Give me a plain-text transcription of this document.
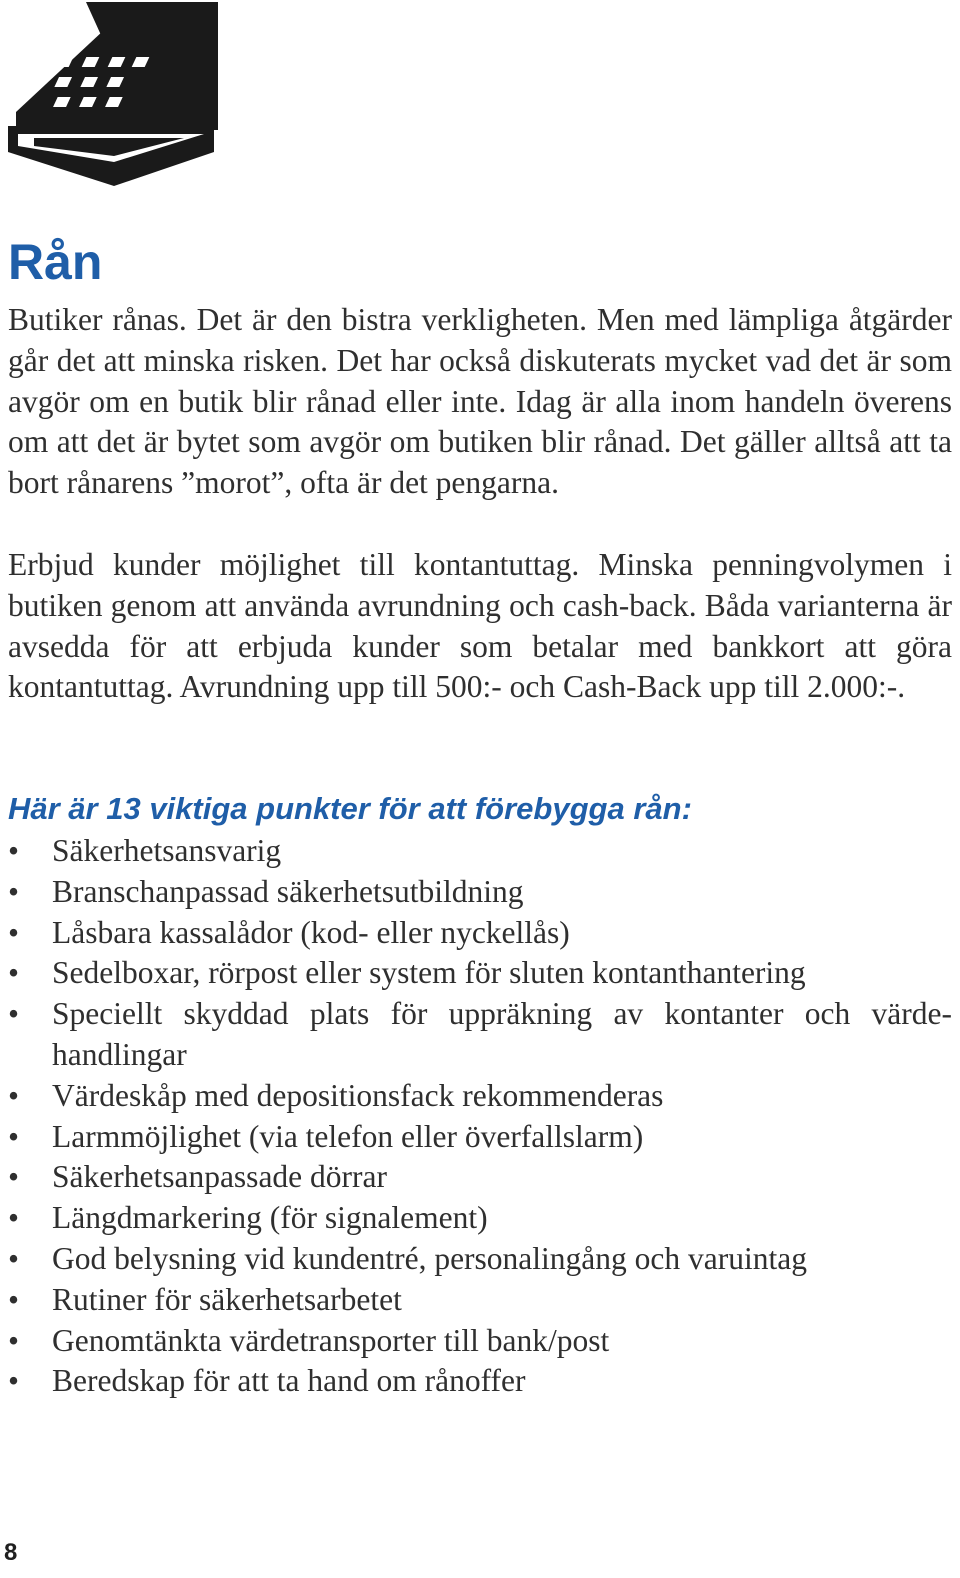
Rån

Butiker rånas. Det är den bistra verkligheten. Men med lämpliga åtgärder går det att minska risken. Det har också diskuterats mycket vad det är som avgör om en butik blir rånad eller inte. Idag är alla inom handeln överens om att det är bytet som avgör om butiken blir rånad. Det gäller alltså att ta bort rånarens ”morot”, ofta är det pengarna.

Erbjud kunder möjlighet till kontantuttag. Minska penningvolymen i butiken genom att använda avrundning och cash-back. Båda varianterna är avsedda för att erbjuda kunder som betalar med bankkort att göra kontantuttag. Avrundning upp till 500:- och Cash-Back upp till 2.000:-.

Här är 13 viktiga punkter för att förebygga rån:
• Säkerhetsansvarig
• Branschanpassad säkerhetsutbildning
• Låsbara kassalådor (kod- eller nyckellås)
• Sedelboxar, rörpost eller system för sluten kontanthantering
• Speciellt skyddad plats för uppräkning av kontanter och värdehandlingar
• Värdeskåp med depositionsfack rekommenderas
• Larmmöjlighet (via telefon eller överfallslarm)
• Säkerhetsanpassade dörrar
• Längdmarkering (för signalement)
• God belysning vid kundentré, personalingång och varuintag
• Rutiner för säkerhetsarbetet
• Genomtänkta värdetransporter till bank/post
• Beredskap för att ta hand om rånoffer
8
